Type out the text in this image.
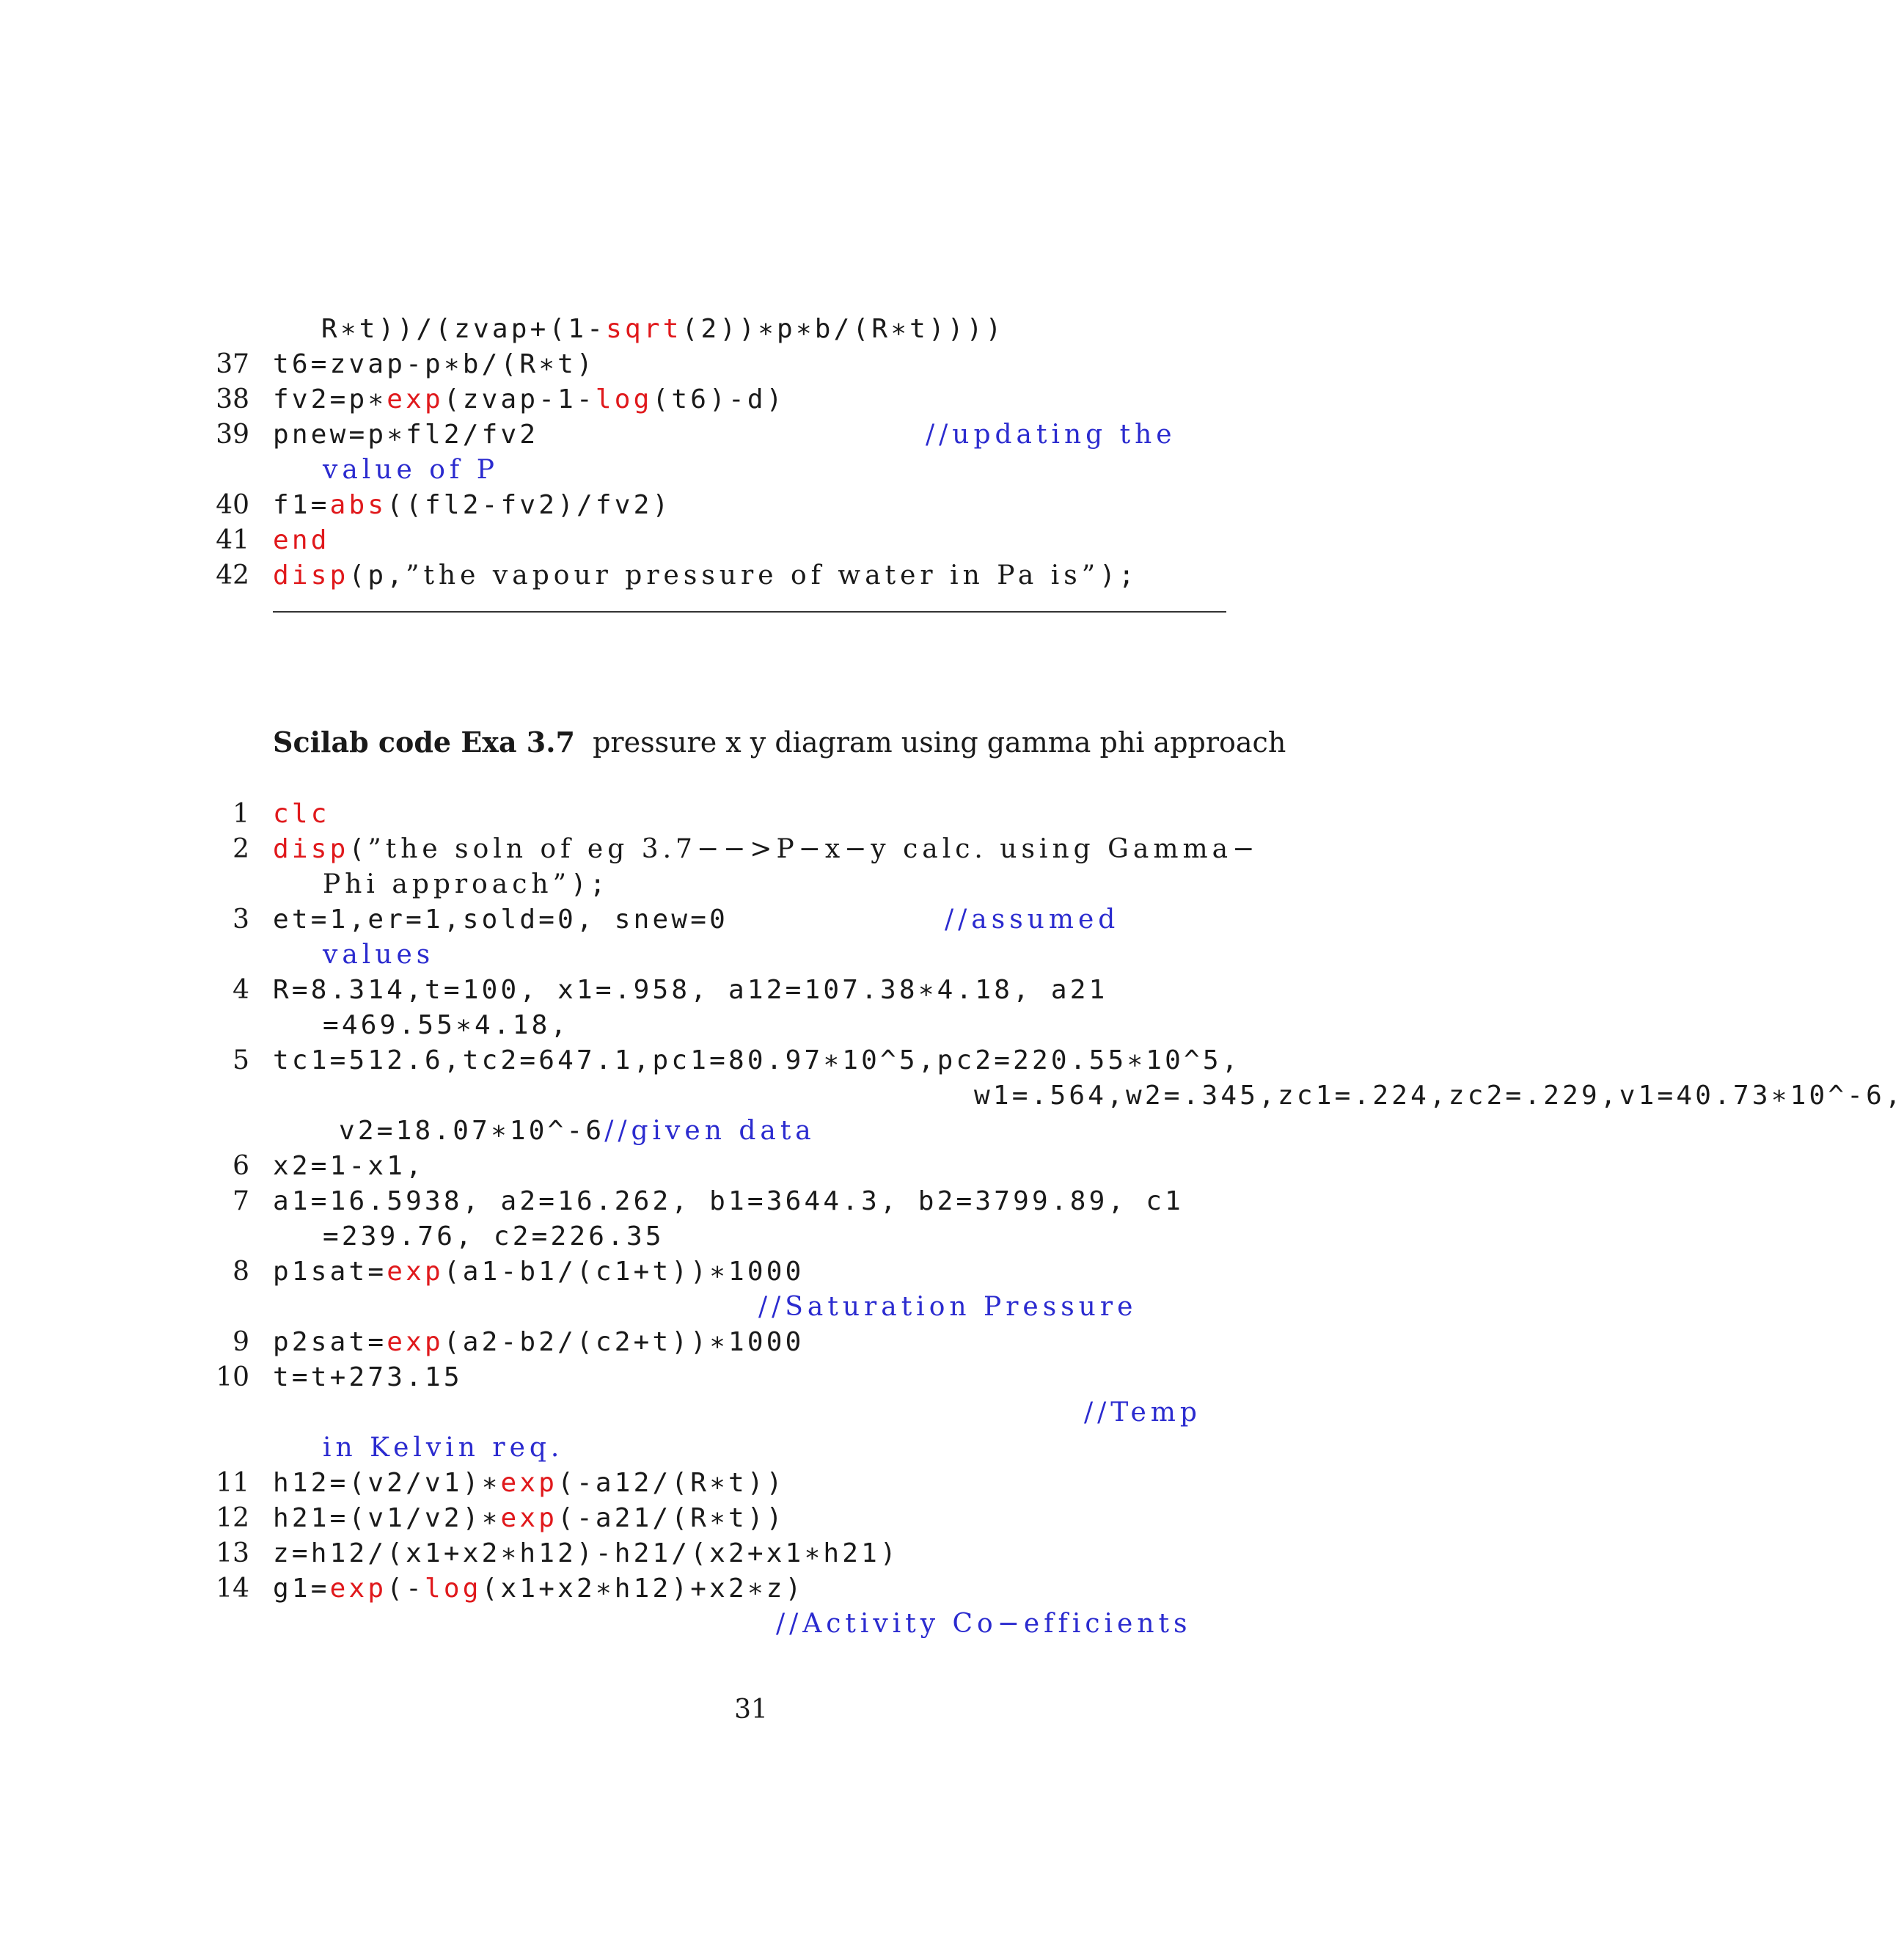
R∗t))/(zvap+(1-sqrt(2))∗p∗b/(R∗t))))
37 t6=zvap-p∗b/(R∗t)
38 fv2=p∗exp(zvap-1-log(t6)-d)
39 pnew=p∗fl2/fv2	//updating the
value of P
40 f1=abs((fl2-fv2)/fv2)
41 end
42 disp(p,”the vapour pressure of water in Pa is”);
Scilab code Exa 3.7 pressure x y diagram using gamma phi approach
1 clc
2 disp(”the soln of eg 3.7−−>P−x−y calc. using Gamma−
Phi approach”);
3 et=1,er=1,sold=0, snew=0	//assumed
values
4 R=8.314,t=100, x1=.958, a12=107.38∗4.18, a21
=469.55∗4.18,
5 tc1=512.6,tc2=647.1,pc1=80.97∗10^5,pc2=220.55∗10^5,
w1=.564,w2=.345,zc1=.224,zc2=.229,v1=40.73∗10^-6,
v2=18.07∗10^-6//given data
6 x2=1-x1,
7 a1=16.5938, a2=16.262, b1=3644.3, b2=3799.89, c1
=239.76, c2=226.35
8 p1sat=exp(a1-b1/(c1+t))∗1000
//Saturation Pressure
9 p2sat=exp(a2-b2/(c2+t))∗1000
10 t=t+273.15
//Temp
in Kelvin req.
11 h12=(v2/v1)∗exp(-a12/(R∗t))
12 h21=(v1/v2)∗exp(-a21/(R∗t))
13 z=h12/(x1+x2∗h12)-h21/(x2+x1∗h21)
14 g1=exp(-log(x1+x2∗h12)+x2∗z)
//Activity Co−efficients
31
